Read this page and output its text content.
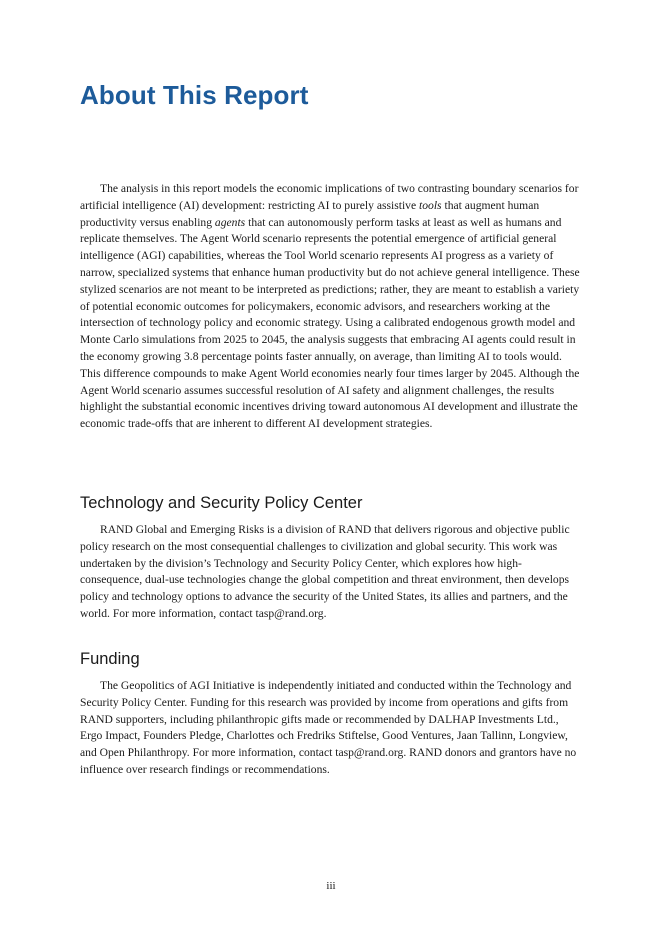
About This Report

The analysis in this report models the economic implications of two contrasting boundary scenarios for artificial intelligence (AI) development: restricting AI to purely assistive tools that augment human productivity versus enabling agents that can autonomously perform tasks at least as well as humans and replicate themselves. The Agent World scenario represents the potential emergence of artificial general intelligence (AGI) capabilities, whereas the Tool World scenario represents AI progress as a variety of narrow, specialized systems that enhance human productivity but do not achieve general intelligence. These stylized scenarios are not meant to be interpreted as predictions; rather, they are meant to establish a variety of potential economic outcomes for policymakers, economic advisors, and researchers working at the intersection of technology policy and economic strategy. Using a calibrated endogenous growth model and Monte Carlo simulations from 2025 to 2045, the analysis suggests that embracing AI agents could result in the economy growing 3.8 percentage points faster annually, on average, than limiting AI to tools would. This difference compounds to make Agent World economies nearly four times larger by 2045. Although the Agent World scenario assumes successful resolution of AI safety and alignment challenges, the results highlight the substantial economic incentives driving toward autonomous AI development and illustrate the economic trade-offs that are inherent to different AI development strategies.

Technology and Security Policy Center

RAND Global and Emerging Risks is a division of RAND that delivers rigorous and objective public policy research on the most consequential challenges to civilization and global security. This work was undertaken by the division’s Technology and Security Policy Center, which explores how high-consequence, dual-use technologies change the global competition and threat environment, then develops policy and technology options to advance the security of the United States, its allies and partners, and the world. For more information, contact tasp@rand.org.

Funding

The Geopolitics of AGI Initiative is independently initiated and conducted within the Technology and Security Policy Center. Funding for this research was provided by income from operations and gifts from RAND supporters, including philanthropic gifts made or recommended by DALHAP Investments Ltd., Ergo Impact, Founders Pledge, Charlottes och Fredriks Stiftelse, Good Ventures, Jaan Tallinn, Longview, and Open Philanthropy. For more information, contact tasp@rand.org. RAND donors and grantors have no influence over research findings or recommendations.

iii
